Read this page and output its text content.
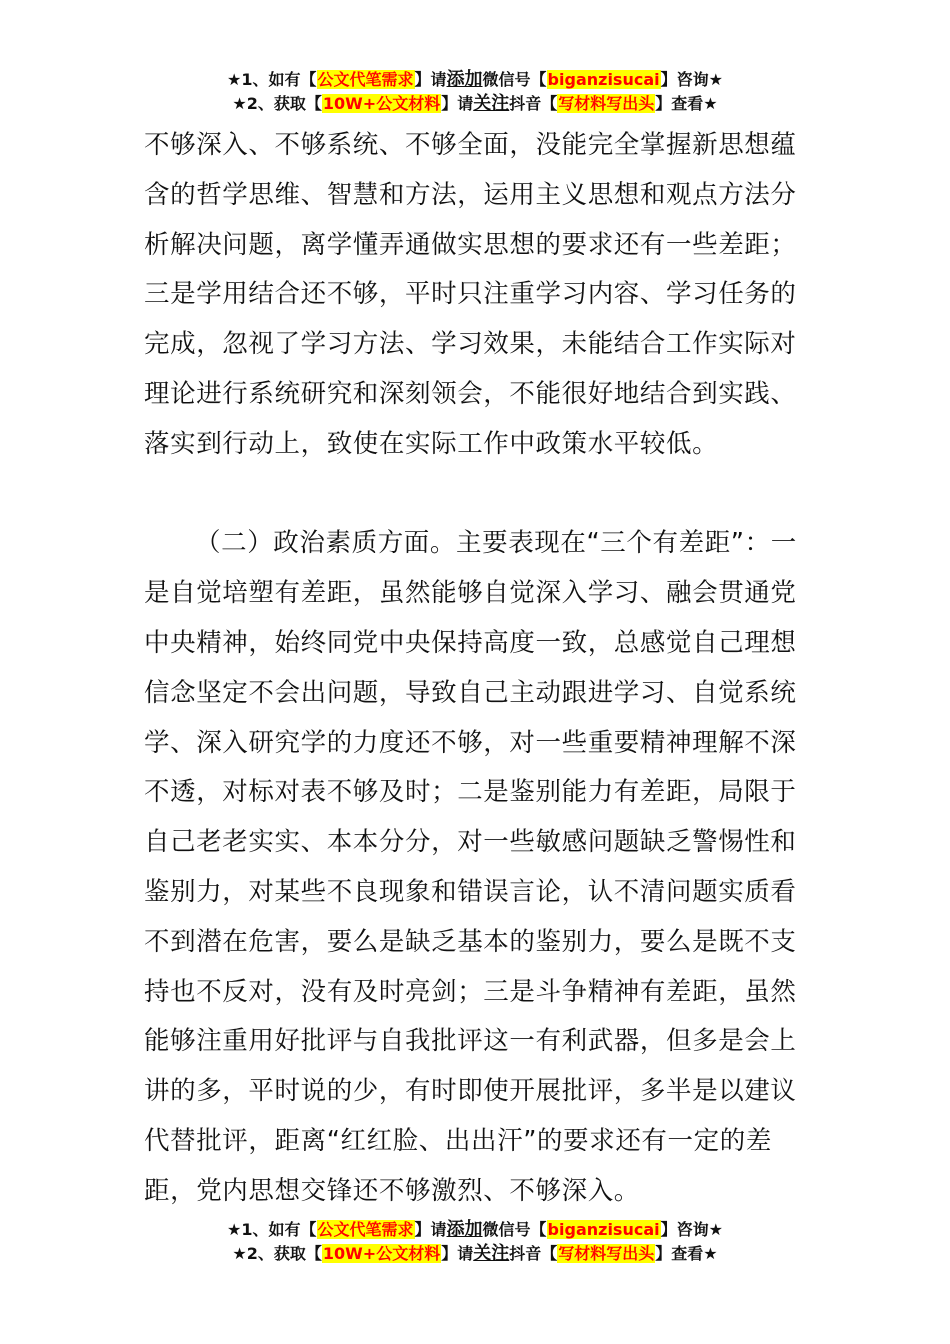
★1、如有【公文代笔需求】请添加微信号【biganzisucai】咨询★
★2、获取【10W+公文材料】请关注抖音【写材料写出头】查看★

不够深入、不够系统、不够全面，没能完全掌握新思想蕴含的哲学思维、智慧和方法，运用主义思想和观点方法分析解决问题，离学懂弄通做实思想的要求还有一些差距；三是学用结合还不够，平时只注重学习内容、学习任务的完成，忽视了学习方法、学习效果，未能结合工作实际对理论进行系统研究和深刻领会，不能很好地结合到实践、落实到行动上，致使在实际工作中政策水平较低。

（二）政治素质方面。主要表现在“三个有差距”：一是自觉培塑有差距，虽然能够自觉深入学习、融会贯通党中央精神，始终同党中央保持高度一致，总感觉自己理想信念坚定不会出问题，导致自己主动跟进学习、自觉系统学、深入研究学的力度还不够，对一些重要精神理解不深不透，对标对表不够及时；二是鉴别能力有差距，局限于自己老老实实、本本分分，对一些敏感问题缺乏警惕性和鉴别力，对某些不良现象和错误言论，认不清问题实质看不到潜在危害，要么是缺乏基本的鉴别力，要么是既不支持也不反对，没有及时亮剑；三是斗争精神有差距，虽然能够注重用好批评与自我批评这一有利武器，但多是会上讲的多，平时说的少，有时即使开展批评，多半是以建议代替批评，距离“红红脸、出出汗”的要求还有一定的差距，党内思想交锋还不够激烈、不够深入。

★1、如有【公文代笔需求】请添加微信号【biganzisucai】咨询★
★2、获取【10W+公文材料】请关注抖音【写材料写出头】查看★
